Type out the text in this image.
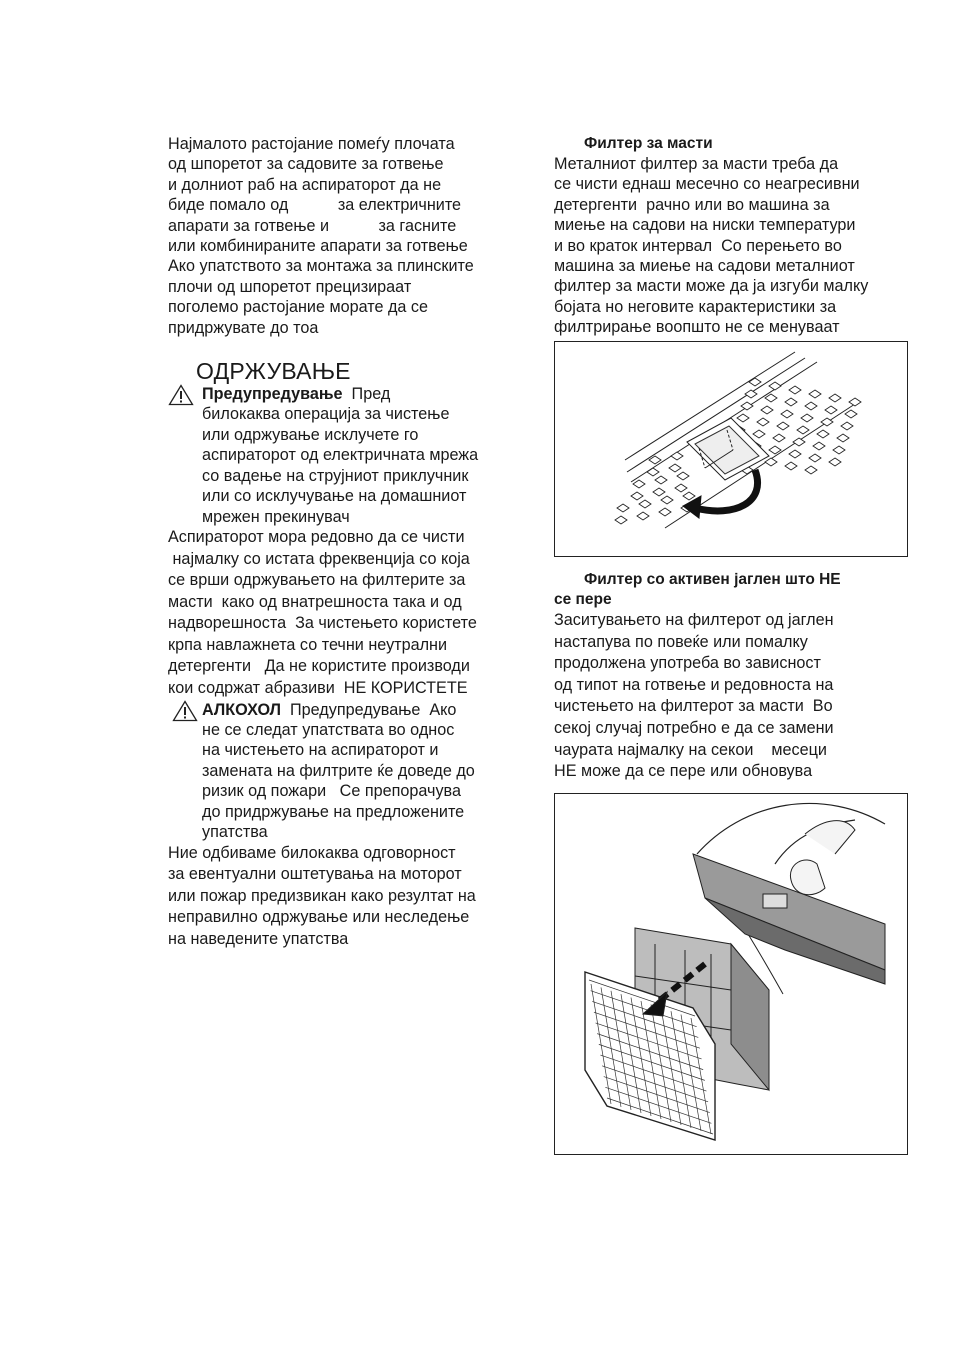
Најмалото растојание помеѓу плочата
од шпоретот за садовите за готвење
и долниот раб на аспираторот да не
биде помало од           за електричните
апарати за готвење и           за гасните
или комбинираните апарати за готвење
Ако упатството за монтажа за плинските
плочи од шпоретот прецизираат
поголемо растојание морате да се
придржувате до тоа
ОДРЖУВАЊЕ
Предупредување  Пред
билокаква операција за чистење
или одржување исклучете го
аспираторот од електричната мрежа
со вадење на струјниот приклучник
или со исклучување на домашниот
мрежен прекинувач
Аспираторот мора редовно да се чисти
најмалку со истата фреквенција со која
се врши одржувањето на филтерите за
масти  како од внатрешноста така и од
надворешноста  За чистењето користете
крпа навлажнета со течни неутрални
детергенти   Да не користите производи
кои содржат абразиви  НЕ КОРИСТЕТЕ
АЛКОХОЛ  Предупредување  Ако
не се следат упатствата во однос
на чистењето на аспираторот и
замената на филтрите ќе доведе до
ризик од пожари   Се препорачува
до придржување на предложените
упатства
Ние одбиваме билокаква одговорност
за евентуални оштетувања на моторот
или пожар предизвикан како резултат на
неправилно одржување или неследење
на наведените упатства
Филтер за масти
Металниот филтер за масти треба да
се чисти еднаш месечно со неагресивни
детергенти  рачно или во машина за
миење на садови на ниски температури
и во краток интервал  Со перењето во
машина за миење на садови металниот
филтер за масти може да ја изгуби малку
бојата но неговите карактеристики за
филтрирање воопшто не се менуваат
Филтер со активен јаглен што НЕ
се пере
Заситувањето на филтерот од јаглен
настапува по повеќе или помалку
продолжена употреба во зависност
од типот на готвење и редовноста на
чистењето на филтерот за масти  Во
секој случај потребно е да се замени
чаурата најмалку на секои    месеци
НЕ може да се пере или обновува
